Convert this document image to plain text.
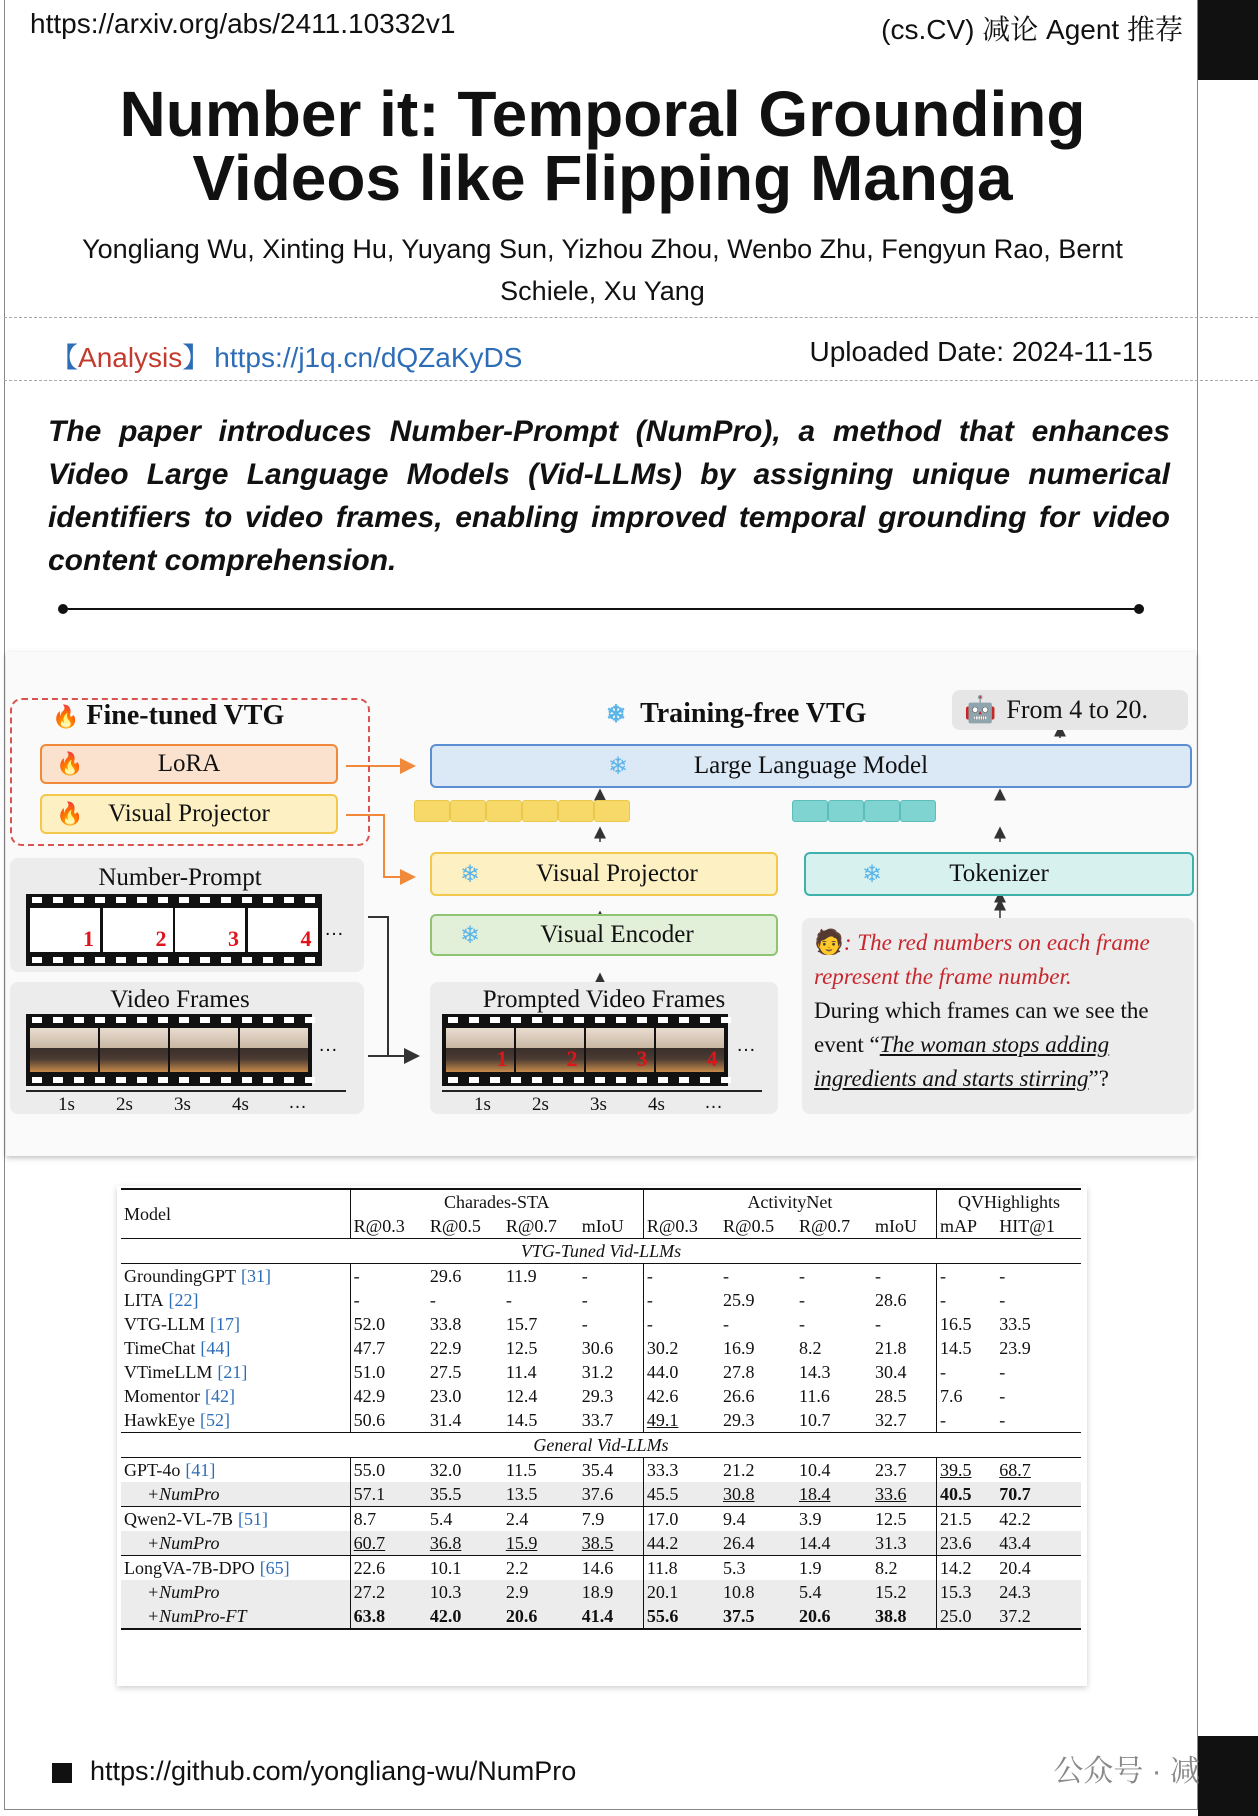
https://arxiv.org/abs/2411.10332v1	(cs.CV) 减论 Agent 推荐
Number it: Temporal Grounding
Videos like Flipping Manga
Yongliang Wu, Xinting Hu, Yuyang Sun, Yizhou Zhou, Wenbo Zhu, Fengyun Rao, Bernt
Schiele, Xu Yang
【Analysis】 https://j1q.cn/dQZaKyDS	Uploaded Date: 2024-11-15
The paper introduces Number-Prompt (NumPro), a method that enhances Video Large Language Models (Vid-LLMs) by assigning unique numerical identifiers to video frames, enabling improved temporal grounding for video content comprehension.
🔥 Fine-tuned VTG
🔥	LoRA
🔥 Visual Projector
❄ Training-free VTG	🤖 From 4 to 20.
❄	Large Language Model
❄ Visual Projector
❄ Visual Encoder
❄	Tokenizer
Number-Prompt
1	2	3	4 …
Video Frames
…
Prompted Video Frames
1	2	3	4
…
🧑: The red numbers on each frame represent the frame number.
During which frames can we see the event “The woman stops adding ingredients and starts stirring”?
1s 2s 3s 4s …	1s 2s 3s 4s …
Model	Charades-STA				ActivityNet				QVHighlights	
	R@0.3	R@0.5	R@0.7	mIoU	R@0.3	R@0.5	R@0.7	mIoU	mAP	HIT@1
VTG-Tuned Vid-LLMs										
GroundingGPT [31]	-	29.6	11.9	-	-	-	-	-	-	-
LITA [22]	-	-	-	-	-	25.9	-	28.6	-	-
VTG-LLM [17]	52.0	33.8	15.7	-	-	-	-	-	16.5	33.5
TimeChat [44]	47.7	22.9	12.5	30.6	30.2	16.9	8.2	21.8	14.5	23.9
VTimeLLM [21]	51.0	27.5	11.4	31.2	44.0	27.8	14.3	30.4	-	-
Momentor [42]	42.9	23.0	12.4	29.3	42.6	26.6	11.6	28.5	7.6	-
HawkEye [52]	50.6	31.4	14.5	33.7	49.1	29.3	10.7	32.7	-	-
General Vid-LLMs										
GPT-4o [41]	55.0	32.0	11.5	35.4	33.3	21.2	10.4	23.7	39.5	68.7
+NumPro	57.1	35.5	13.5	37.6	45.5	30.8	18.4	33.6	40.5	70.7
Qwen2-VL-7B [51]	8.7	5.4	2.4	7.9	17.0	9.4	3.9	12.5	21.5	42.2
+NumPro	60.7	36.8	15.9	38.5	44.2	26.4	14.4	31.3	23.6	43.4
LongVA-7B-DPO [65]	22.6	10.1	2.2	14.6	11.8	5.3	1.9	8.2	14.2	20.4
+NumPro	27.2	10.3	2.9	18.9	20.1	10.8	5.4	15.2	15.3	24.3
+NumPro-FT	63.8	42.0	20.6	41.4	55.6	37.5	20.6	38.8	25.0	37.2
https://github.com/yongliang-wu/NumPro	公众号 · 减
